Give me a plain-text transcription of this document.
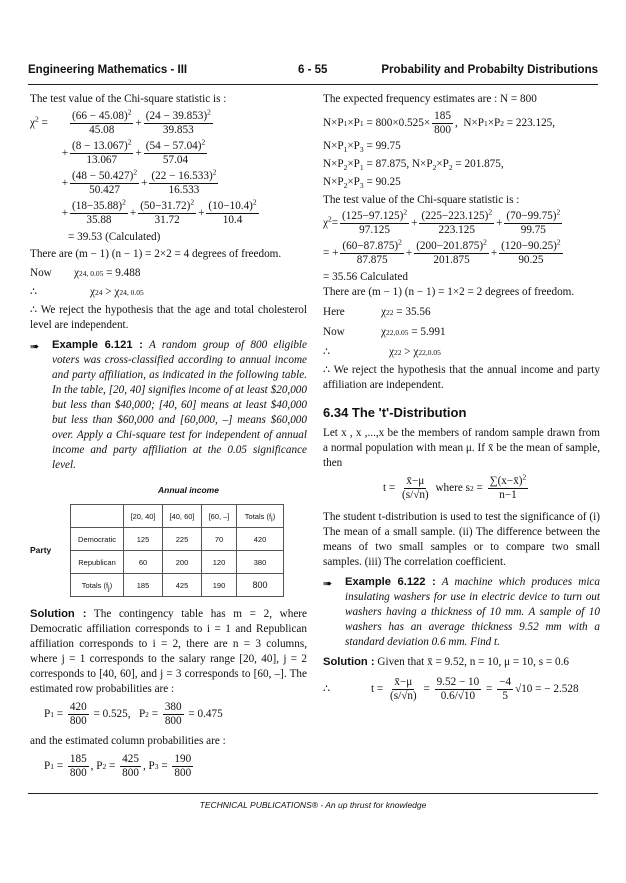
Engineering Mathematics - III	6 - 55	Probability and Probabilty Distributions

The test value of the Chi-square statistic is :

$\chi^2$ =	$\frac{(66 - 45.08)^2}{45.08} + \frac{(24 - 39.853)^2}{39.853}$
+ $\frac{(8 - 13.067)^2}{13.067} + \frac{(54 - 57.04)^2}{57.04}$
+ $\frac{(48 - 50.427)^2}{50.427} + \frac{(22 - 16.533)^2}{16.533}$
+ $\frac{(18-35.88)^2}{35.88} + \frac{(50-31.72)^2}{31.72} + \frac{(10-10.4)^2}{10.4}$

= 39.53 (Calculated)

There are (m − 1) (n − 1) = 2×2 = 4 degrees of freedom.

Now	χ 2 4, 0.05
= 9.488
∴	χ 2 4 > χ 2 4, 0.05

∴ We reject the hypothesis that the age and total cholesterol level are independent.

➠	Example 6.121 : A random group of 800 eligible voters was cross-classified according to annual income and party affiliation, as indicated in the following table. In the table, [20, 40] signifies income of at least $20,000 but less than $40,000; [40, 60] means at least $40,000 but less than $60,000 and [60,000, –] means $60,000 over. Apply a Chi-square test for independent of annual income and party affiliation at the 0.05 significance level.

Annual income
Party
	[20, 40]	[40, 60]	[60, –]	Totals $(f_i)$
Democratic	125	225	70	420
Republican	60	200	120	380
Totals $(f_j)$	185	425	190	800

Solution : The contingency table has m = 2, where Democratic affiliation corresponds to i = 1 and Republican affiliation corresponds to i = 2, there are n = 3 columns, where j = 1 corresponds to the salary range [20, 40], j = 2 corresponds to [40, 60], and j = 3 corresponds to [60, –]. The estimated row probabilities are :

P $1 = \frac{420}{800}$
= 0.525, P $2 = \frac{380}{800}$
= 0.475

and the estimated column probabilities are :

P $1 = \frac{185}{800}$ , P $2 = \frac{425}{800}$ , P $3 = \frac{190}{800}$

The expected frequency estimates are : N = 800

N×P 1 ×P 1
= $800\times 0.525\times \frac{185}{800}$ ,  N×P 1 ×P 2
= 223.125,

$N\times P_1\times P_3 = 99.75$

$N\times P_2\times P_1 = 87.875$, $N\times P_2\times P_2 = 201.875$,

$N\times P_2\times P_3 = 90.25$

The test value of the Chi-square statistic is :

$\chi^2= \frac{(125-97.125)^2}{97.125} + \frac{(225-223.125)^2}{223.125} + \frac{(70-99.75)^2}{99.75}$
= + $\frac{(60-87.875)^2}{87.875} + \frac{(200-201.875)^2}{201.875} + \frac{(120-90.25)^2}{90.25}$

= 35.56 Calculated

There are (m − 1) (n − 1) = 1×2 = 2 degrees of freedom.

Here	χ 2 2
= 35.56
Now	χ 2 2,0.05
= 5.991
∴	χ 2 2 > χ 2 2,0.05

∴ We reject the hypothesis that the annual income and party affiliation are independent.

6.34 The 't'-Distribution

Let x , x ,...,x be the members of random sample drawn from a normal population with mean μ. If x̄ be the mean of sample, then

$t = \frac{x̄-\mu}{(s/√n)}$
where s $2 = \frac{\sum(x-x̄)^2}{n-1}$

The student t-distribution is used to test the significance of (i) The mean of a small sample. (ii) The difference between the means of two small samples or to compare two small samples. (iii) The correlation coefficient.

➠	Example 6.122 : A machine which produces mica insulating washers for use in electric device to turn out washers having a thickness of 10 mm. A sample of 10 washers has an average thickness 9.52 mm with a standard deviation 0.6 mm. Find t.

Solution : Given that x̄ = 9.52, n = 10, μ = 10, s = 0.6

∴	$t = \frac{x̄-\mu}{(s/√n)} = \frac{9.52 - 10}{0.6/√10} = \frac{-4}{5} √10$ = − 2.528
TECHNICAL PUBLICATIONS® - An up thrust for knowledge
